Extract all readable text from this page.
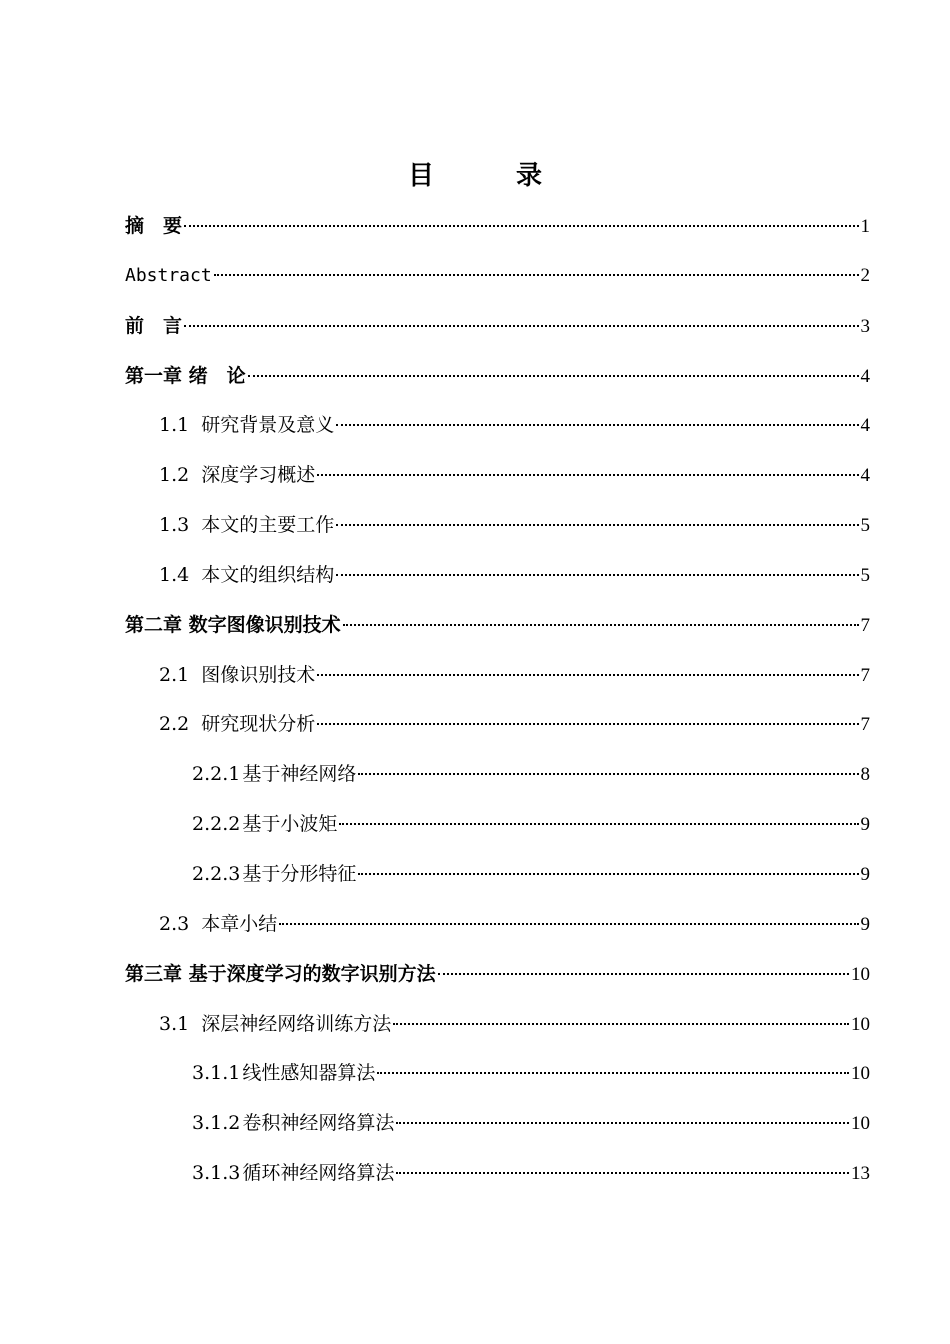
目　录
摘　要	1
Abstract	2
前　言	3
第一章 绪　论	4
1.1 研究背景及意义	4
1.2 深度学习概述	4
1.3 本文的主要工作	5
1.4 本文的组织结构	5
第二章 数字图像识别技术	7
2.1 图像识别技术	7
2.2 研究现状分析	7
2.2.1 基于神经网络	8
2.2.2 基于小波矩	9
2.2.3 基于分形特征	9
2.3 本章小结	9
第三章 基于深度学习的数字识别方法	10
3.1 深层神经网络训练方法	10
3.1.1 线性感知器算法	10
3.1.2 卷积神经网络算法	10
3.1.3 循环神经网络算法	13
